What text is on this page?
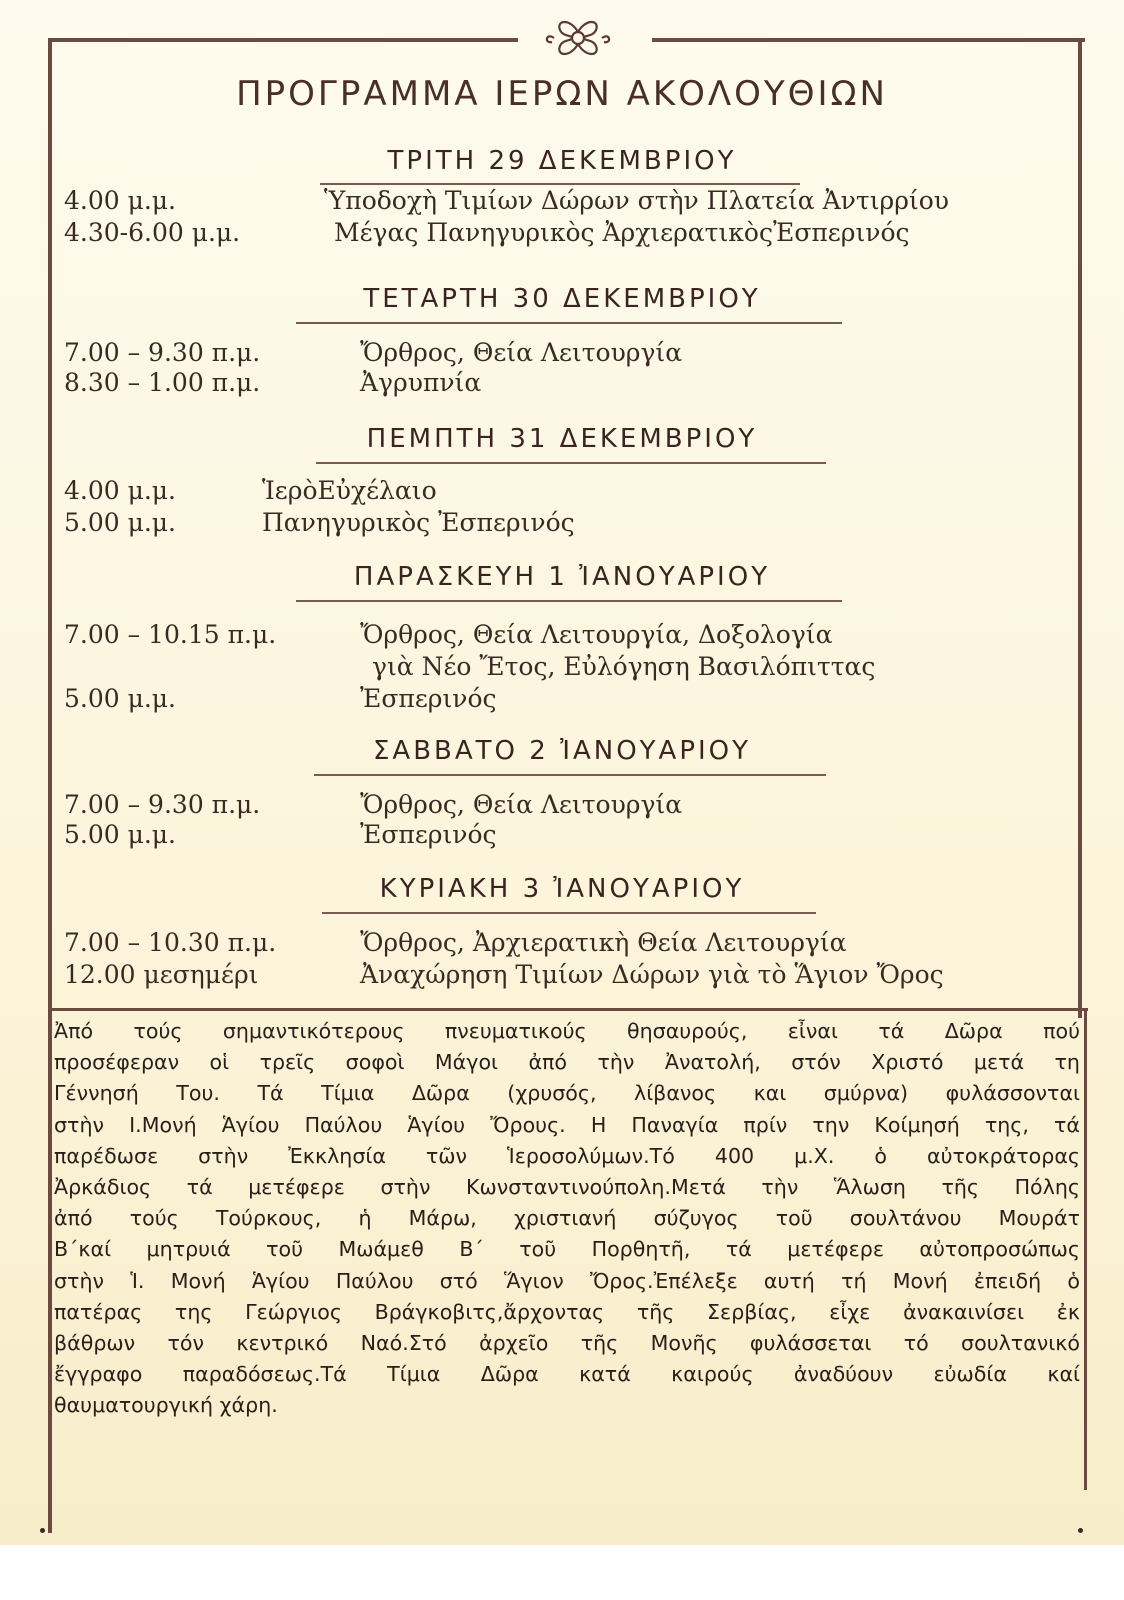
ΠΡΟΓΡΑΜΜΑ ΙΕΡΩΝ ΑΚΟΛΟΥΘΙΩΝ
ΤΡΙΤΗ 29 ΔΕΚΕΜΒΡΙΟΥ
4.00 μ.μ.	Ὑποδοχὴ Τιμίων Δώρων στὴν Πλατεία Ἀντιρρίου
4.30-6.00 μ.μ.	Μέγας Πανηγυρικὸς ἈρχιερατικὸςἘσπερινός
ΤΕΤΑΡΤΗ 30 ΔΕΚΕΜΒΡΙΟΥ
7.00 – 9.30 π.μ.	Ὄρθρος, Θεία Λειτουργία
8.30 – 1.00 π.μ.	Ἀγρυπνία
ΠΕΜΠΤΗ 31 ΔΕΚΕΜΒΡΙΟΥ
4.00 μ.μ.	ἹερὸΕὐχέλαιο
5.00 μ.μ.	Πανηγυρικὸς Ἐσπερινός
ΠΑΡΑΣΚΕΥΗ 1 ἸΑΝΟΥΑΡΙΟΥ
7.00 – 10.15 π.μ.	Ὄρθρος, Θεία Λειτουργία, Δοξολογία
γιὰ Νέο Ἔτος, Εὐλόγηση Βασιλόπιττας
5.00 μ.μ.	Ἐσπερινός
ΣΑΒΒΑΤΟ 2 ἸΑΝΟΥΑΡΙΟΥ
7.00 – 9.30 π.μ.	Ὄρθρος, Θεία Λειτουργία
5.00 μ.μ.	Ἐσπερινός
ΚΥΡΙΑΚΗ 3 ἸΑΝΟΥΑΡΙΟΥ
7.00 – 10.30 π.μ.	Ὄρθρος, Ἀρχιερατικὴ Θεία Λειτουργία
12.00 μεσημέρι	Ἀναχώρηση Τιμίων Δώρων γιὰ τὸ Ἅγιον Ὄρος
Ἀπό τούς σημαντικότερους πνευματικούς θησαυρούς, εἶναι τά Δῶρα πού
προσέφεραν οἱ τρεῖς σοφοὶ Μάγοι ἀπό τὴν Ἀνατολή, στόν Χριστό μετά τη
Γέννησή Του. Τά Τίμια Δῶρα (χρυσός, λίβανος και σμύρνα) φυλάσσονται
στὴν Ι.Μονή Ἁγίου Παύλου Ἁγίου Ὄρους. Η Παναγία πρίν την Κοίμησή της, τά
παρέδωσε στὴν Ἐκκλησία τῶν Ἱεροσολύμων.Τό 400 μ.Χ. ὁ αὐτοκράτορας
Ἀρκάδιος τά μετέφερε στὴν Κωνσταντινούπολη.Μετά τὴν Ἅλωση τῆς Πόλης
ἀπό τούς Τούρκους, ἡ Μάρω, χριστιανή σύζυγος τοῦ σουλτάνου Μουράτ
Β΄καί μητρυιά τοῦ Μωάμεθ Β΄ τοῦ Πορθητῆ, τά μετέφερε αὐτοπροσώπως
στὴν Ἱ. Μονή Ἁγίου Παύλου στό Ἅγιον Ὄρος.Ἐπέλεξε αυτή τή Μονή ἐπειδή ὁ
πατέρας της Γεώργιος Βράγκοβιτς,ἄρχοντας τῆς Σερβίας, εἶχε ἀνακαινίσει ἐκ
βάθρων τόν κεντρικό Ναό.Στό ἀρχεῖο τῆς Μονῆς φυλάσσεται τό σουλτανικό
ἔγγραφο παραδόσεως.Τά Τίμια Δῶρα κατά καιρούς ἀναδύουν εὐωδία καί
θαυματουργική χάρη.
